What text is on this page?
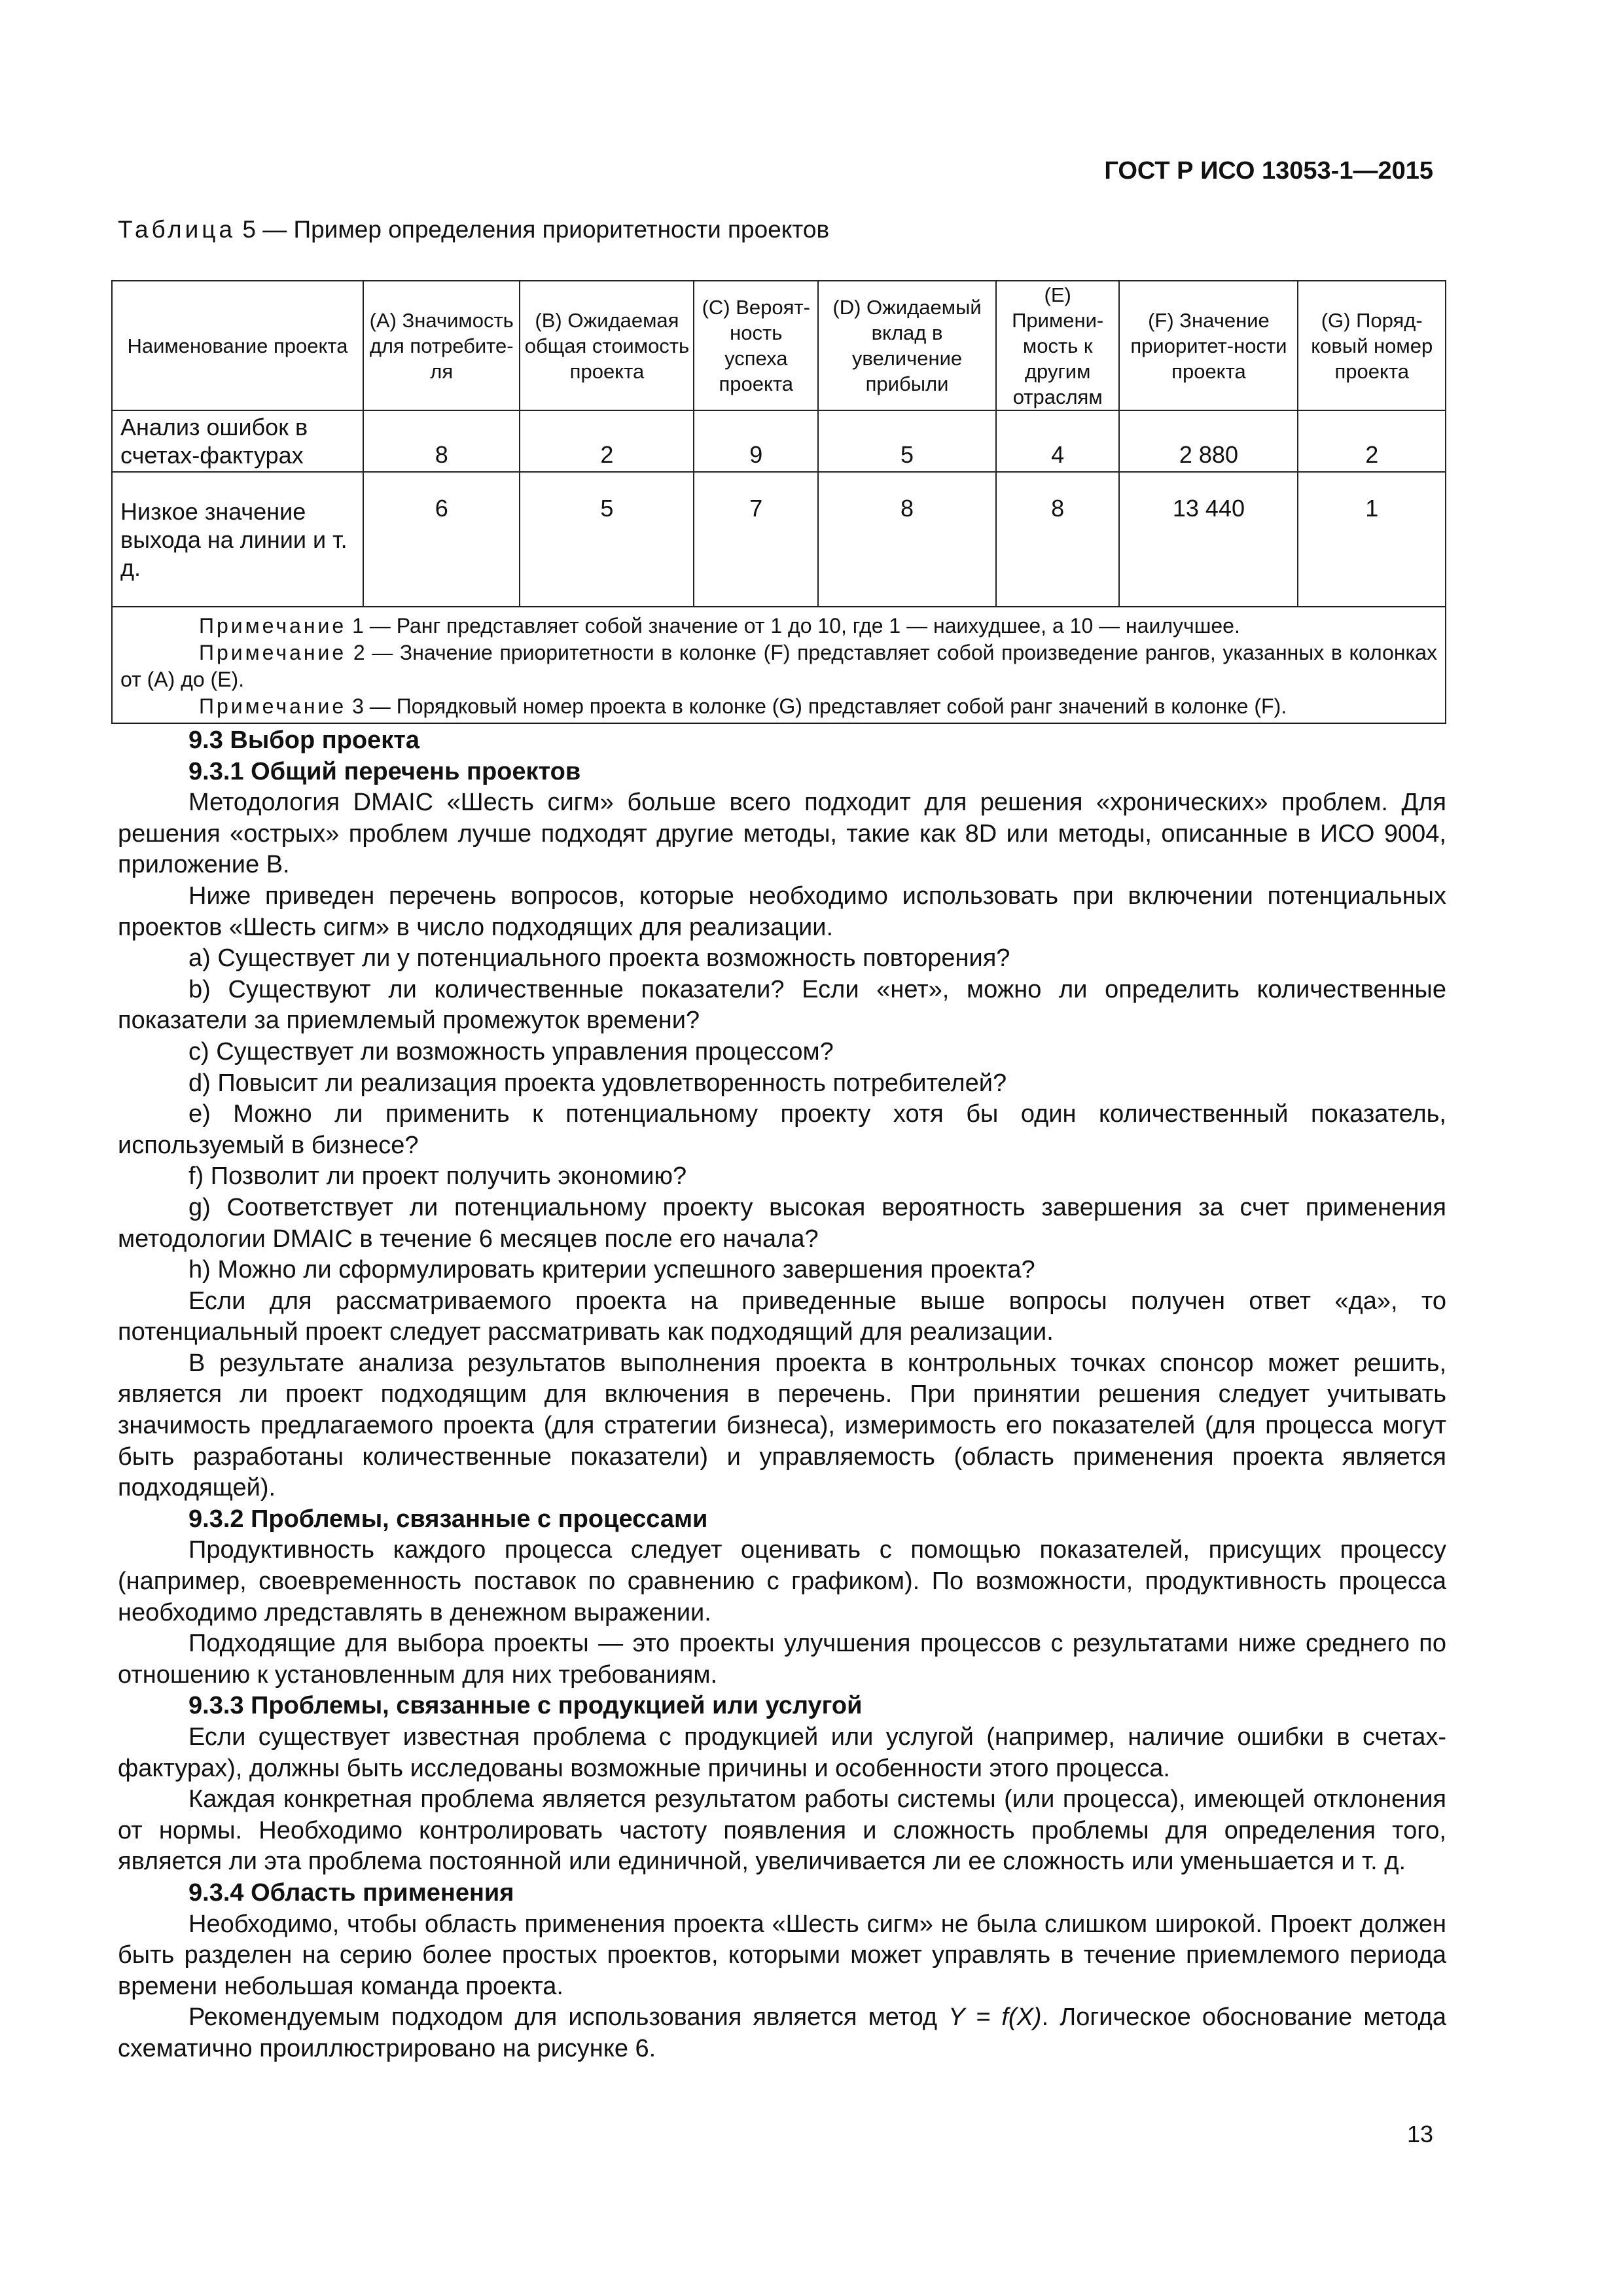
ГОСТ Р ИСО 13053-1—2015
Таблица 5 — Пример определения приоритетности проектов
Наименование проекта	(A) Значимость для потребите-ля	(B) Ожидаемая общая стоимость проекта	(C) Вероят-ность успеха проекта	(D) Ожидаемый вклад в увеличение прибыли	(E) Примени-мость к другим отраслям	(F) Значение приоритет-ности проекта	(G) Поряд-ковый номер проекта
Анализ ошибок в счетах-фактурах	8	2	9	5	4	2 880	2
Низкое значение выхода на линии и т. д.	6	5	7	8	8	13 440	1

Примечание 1 — Ранг представляет собой значение от 1 до 10, где 1 — наихудшее, а 10 — наилучшее.
Примечание 2 — Значение приоритетности в колонке (F) представляет собой произведение рангов, указанных в колонках от (А) до (Е).
Примечание 3 — Порядковый номер проекта в колонке (G) представляет собой ранг значений в колонке (F).							

9.3 Выбор проекта

9.3.1 Общий перечень проектов

Методология DMAIC «Шесть сигм» больше всего подходит для решения «хронических» проблем. Для решения «острых» проблем лучше подходят другие методы, такие как 8D или методы, описанные в ИСО 9004, приложение В.

Ниже приведен перечень вопросов, которые необходимо использовать при включении потенциальных проектов «Шесть сигм» в число подходящих для реализации.

a) Существует ли у потенциального проекта возможность повторения?

b) Существуют ли количественные показатели? Если «нет», можно ли определить количественные показатели за приемлемый промежуток времени?

c) Существует ли возможность управления процессом?

d) Повысит ли реализация проекта удовлетворенность потребителей?

e) Можно ли применить к потенциальному проекту хотя бы один количественный показатель, используемый в бизнесе?

f) Позволит ли проект получить экономию?

g) Соответствует ли потенциальному проекту высокая вероятность завершения за счет применения методологии DMAIC в течение 6 месяцев после его начала?

h) Можно ли сформулировать критерии успешного завершения проекта?

Если для рассматриваемого проекта на приведенные выше вопросы получен ответ «да», то потенциальный проект следует рассматривать как подходящий для реализации.

В результате анализа результатов выполнения проекта в контрольных точках спонсор может решить, является ли проект подходящим для включения в перечень. При принятии решения следует учитывать значимость предлагаемого проекта (для стратегии бизнеса), измеримость его показателей (для процесса могут быть разработаны количественные показатели) и управляемость (область применения проекта является подходящей).

9.3.2 Проблемы, связанные с процессами

Продуктивность каждого процесса следует оценивать с помощью показателей, присущих процессу (например, своевременность поставок по сравнению с графиком). По возможности, продуктивность процесса необходимо лредставлять в денежном выражении.

Подходящие для выбора проекты — это проекты улучшения процессов с результатами ниже среднего по отношению к установленным для них требованиям.

9.3.3 Проблемы, связанные с продукцией или услугой

Если существует известная проблема с продукцией или услугой (например, наличие ошибки в счетах-фактурах), должны быть исследованы возможные причины и особенности этого процесса.

Каждая конкретная проблема является результатом работы системы (или процесса), имеющей отклонения от нормы. Необходимо контролировать частоту появления и сложность проблемы для определения того, является ли эта проблема постоянной или единичной, увеличивается ли ее сложность или уменьшается и т. д.

9.3.4 Область применения

Необходимо, чтобы область применения проекта «Шесть сигм» не была слишком широкой. Проект должен быть разделен на серию более простых проектов, которыми может управлять в течение приемлемого периода времени небольшая команда проекта.

Рекомендуемым подходом для использования является метод Y = f(X). Логическое обоснование метода схематично проиллюстрировано на рисунке 6.

13
